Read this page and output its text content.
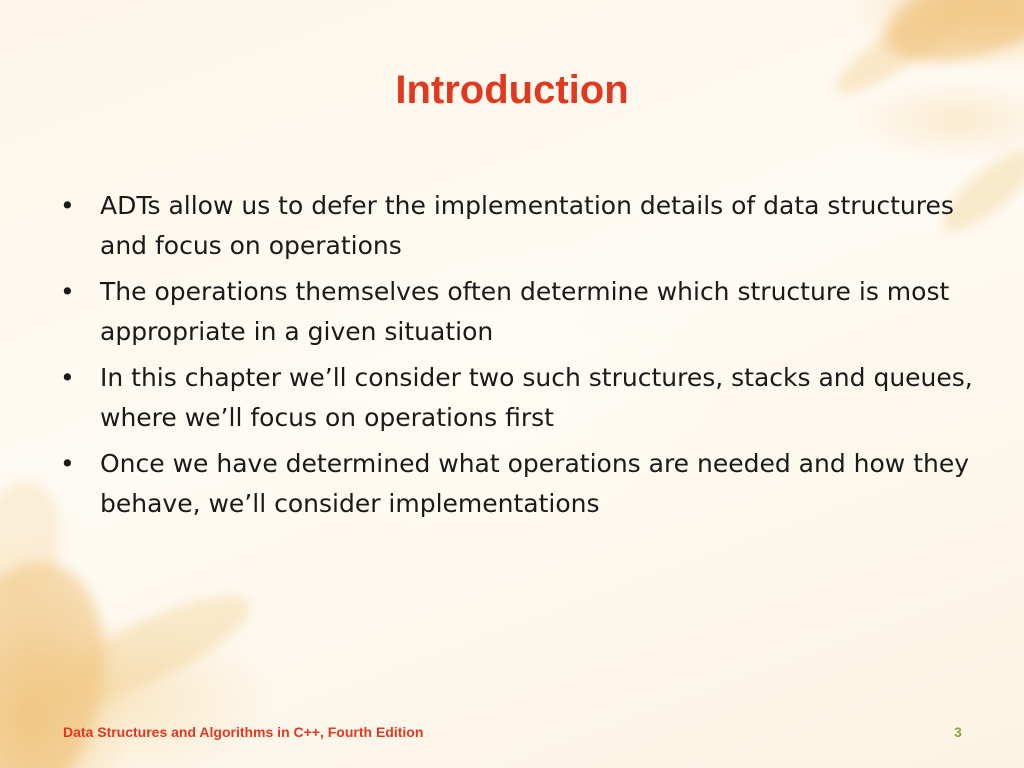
Introduction
• ADTs allow us to defer the implementation details of data structures and focus on operations
• The operations themselves often determine which structure is most appropriate in a given situation
• In this chapter we’ll consider two such structures, stacks and queues, where we’ll focus on operations first
• Once we have determined what operations are needed and how they behave, we’ll consider implementations
Data Structures and Algorithms in C++, Fourth Edition	3
